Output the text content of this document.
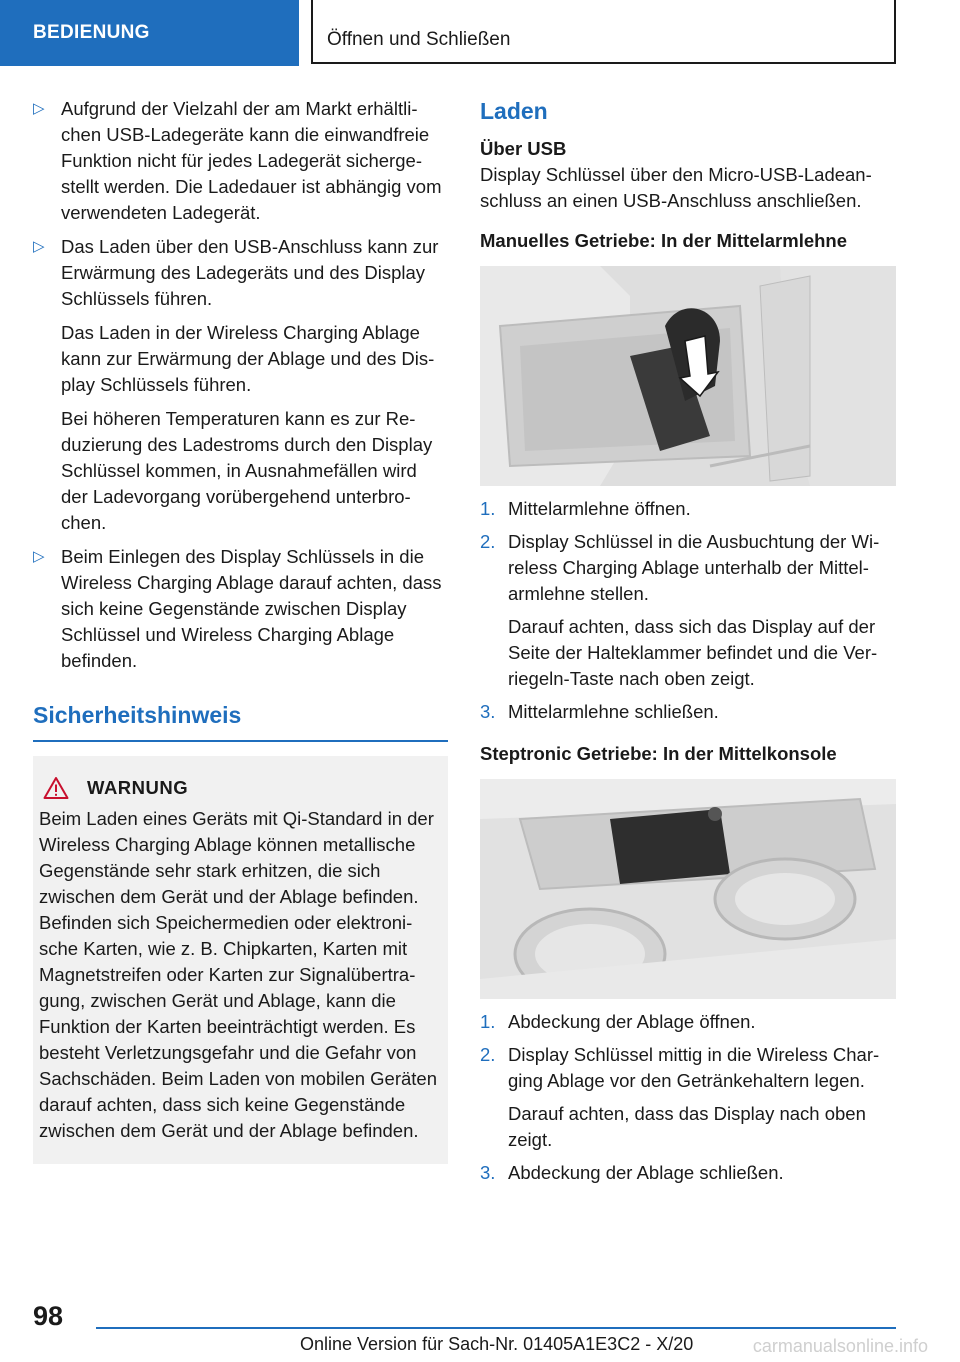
BEDIENUNG	Öffnen und Schließen
▷ Aufgrund der Vielzahl der am Markt erhältlichen USB-Ladegeräte kann die einwandfreie Funktion nicht für jedes Ladegerät sichergestellt werden. Die Ladedauer ist abhängig vom verwendeten Ladegerät.

▷ Das Laden über den USB-Anschluss kann zur Erwärmung des Ladegeräts und des Display Schlüssels führen.

Das Laden in der Wireless Charging Ablage kann zur Erwärmung der Ablage und des Display Schlüssels führen.

Bei höheren Temperaturen kann es zur Reduzierung des Ladestroms durch den Display Schlüssel kommen, in Ausnahmefällen wird der Ladevorgang vorübergehend unterbrochen.

▷ Beim Einlegen des Display Schlüssels in die Wireless Charging Ablage darauf achten, dass sich keine Gegenstände zwischen Display Schlüssel und Wireless Charging Ablage befinden.

Sicherheitshinweis
WARNUNG

Beim Laden eines Geräts mit Qi-Standard in der Wireless Charging Ablage können metallische Gegenstände sehr stark erhitzen, die sich zwischen dem Gerät und der Ablage befinden. Befinden sich Speichermedien oder elektronische Karten, wie z. B. Chipkarten, Karten mit Magnetstreifen oder Karten zur Signalübertragung, zwischen Gerät und Ablage, kann die Funktion der Karten beeinträchtigt werden. Es besteht Verletzungsgefahr und die Gefahr von Sachschäden. Beim Laden von mobilen Geräten darauf achten, dass sich keine Gegenstände zwischen dem Gerät und der Ablage befinden.

Laden
Über USB

Display Schlüssel über den Micro-USB-Ladeanschluss an einen USB-Anschluss anschließen.

Manuelles Getriebe: In der Mittelarmlehne
1. Mittelarmlehne öffnen.

2. Display Schlüssel in die Ausbuchtung der Wireless Charging Ablage unterhalb der Mittelarmlehne stellen.

Darauf achten, dass sich das Display auf der Seite der Halteklammer befindet und die Verriegeln-Taste nach oben zeigt.

3. Mittelarmlehne schließen.

Steptronic Getriebe: In der Mittelkonsole
1. Abdeckung der Ablage öffnen.

2. Display Schlüssel mittig in die Wireless Charging Ablage vor den Getränkehaltern legen.

Darauf achten, dass das Display nach oben zeigt.

3. Abdeckung der Ablage schließen.

98
Online Version für Sach-Nr. 01405A1E3C2 - X/20	carmanualsonline.info
